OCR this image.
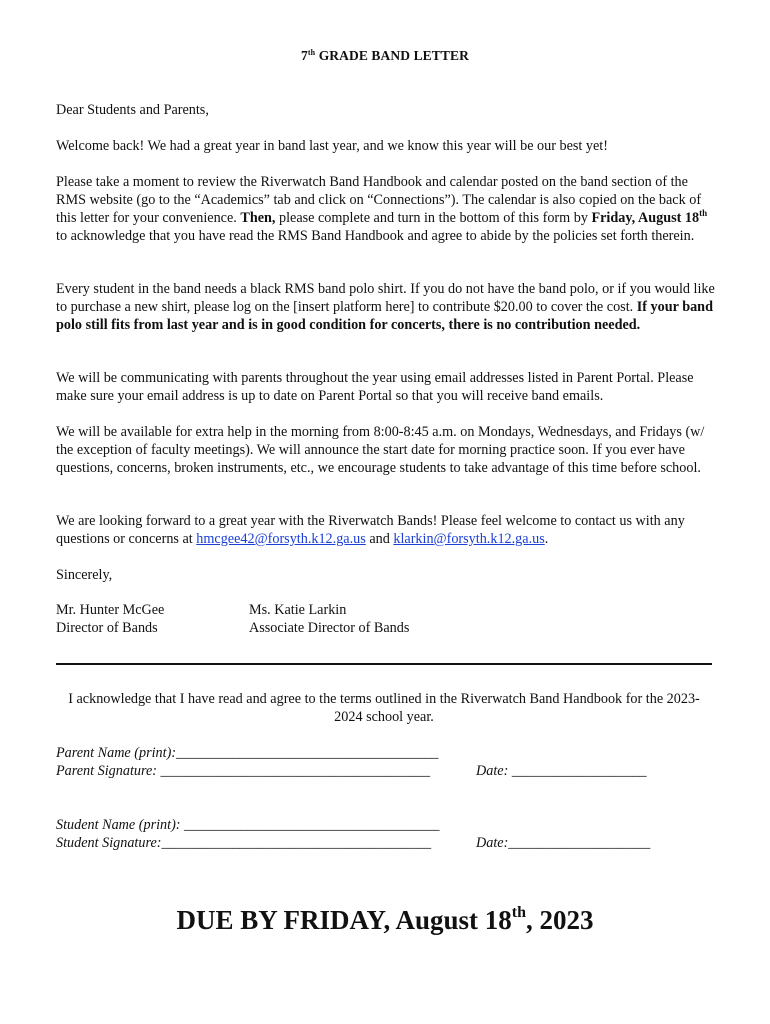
7th GRADE BAND LETTER

Dear Students and Parents,

Welcome back! We had a great year in band last year, and we know this year will be our best yet!

Please take a moment to review the Riverwatch Band Handbook and calendar posted on the band section of the RMS website (go to the “Academics” tab and click on “Connections”). The calendar is also copied on the back of this letter for your convenience. Then, please complete and turn in the bottom of this form by Friday, August 18th to acknowledge that you have read the RMS Band Handbook and agree to abide by the policies set forth therein.

Every student in the band needs a black RMS band polo shirt. If you do not have the band polo, or if you would like to purchase a new shirt, please log on the [insert platform here] to contribute $20.00 to cover the cost. If your band polo still fits from last year and is in good condition for concerts, there is no contribution needed.

We will be communicating with parents throughout the year using email addresses listed in Parent Portal. Please make sure your email address is up to date on Parent Portal so that you will receive band emails.

We will be available for extra help in the morning from 8:00-8:45 a.m. on Mondays, Wednesdays, and Fridays (w/ the exception of faculty meetings). We will announce the start date for morning practice soon. If you ever have questions, concerns, broken instruments, etc., we encourage students to take advantage of this time before school.

We are looking forward to a great year with the Riverwatch Bands! Please feel welcome to contact us with any questions or concerns at hmcgee42@forsyth.k12.ga.us and klarkin@forsyth.k12.ga.us.

Sincerely,

Mr. Hunter McGee
Director of Bands
Ms. Katie Larkin
Associate Director of Bands
I acknowledge that I have read and agree to the terms outlined in the Riverwatch Band Handbook for the 2023-2024 school year.
Parent Name (print):_____________________________________
Parent Signature: ______________________________________	Date: ___________________
Student Name (print): ____________________________________
Student Signature:______________________________________	Date:____________________
DUE BY FRIDAY, August 18th, 2023
